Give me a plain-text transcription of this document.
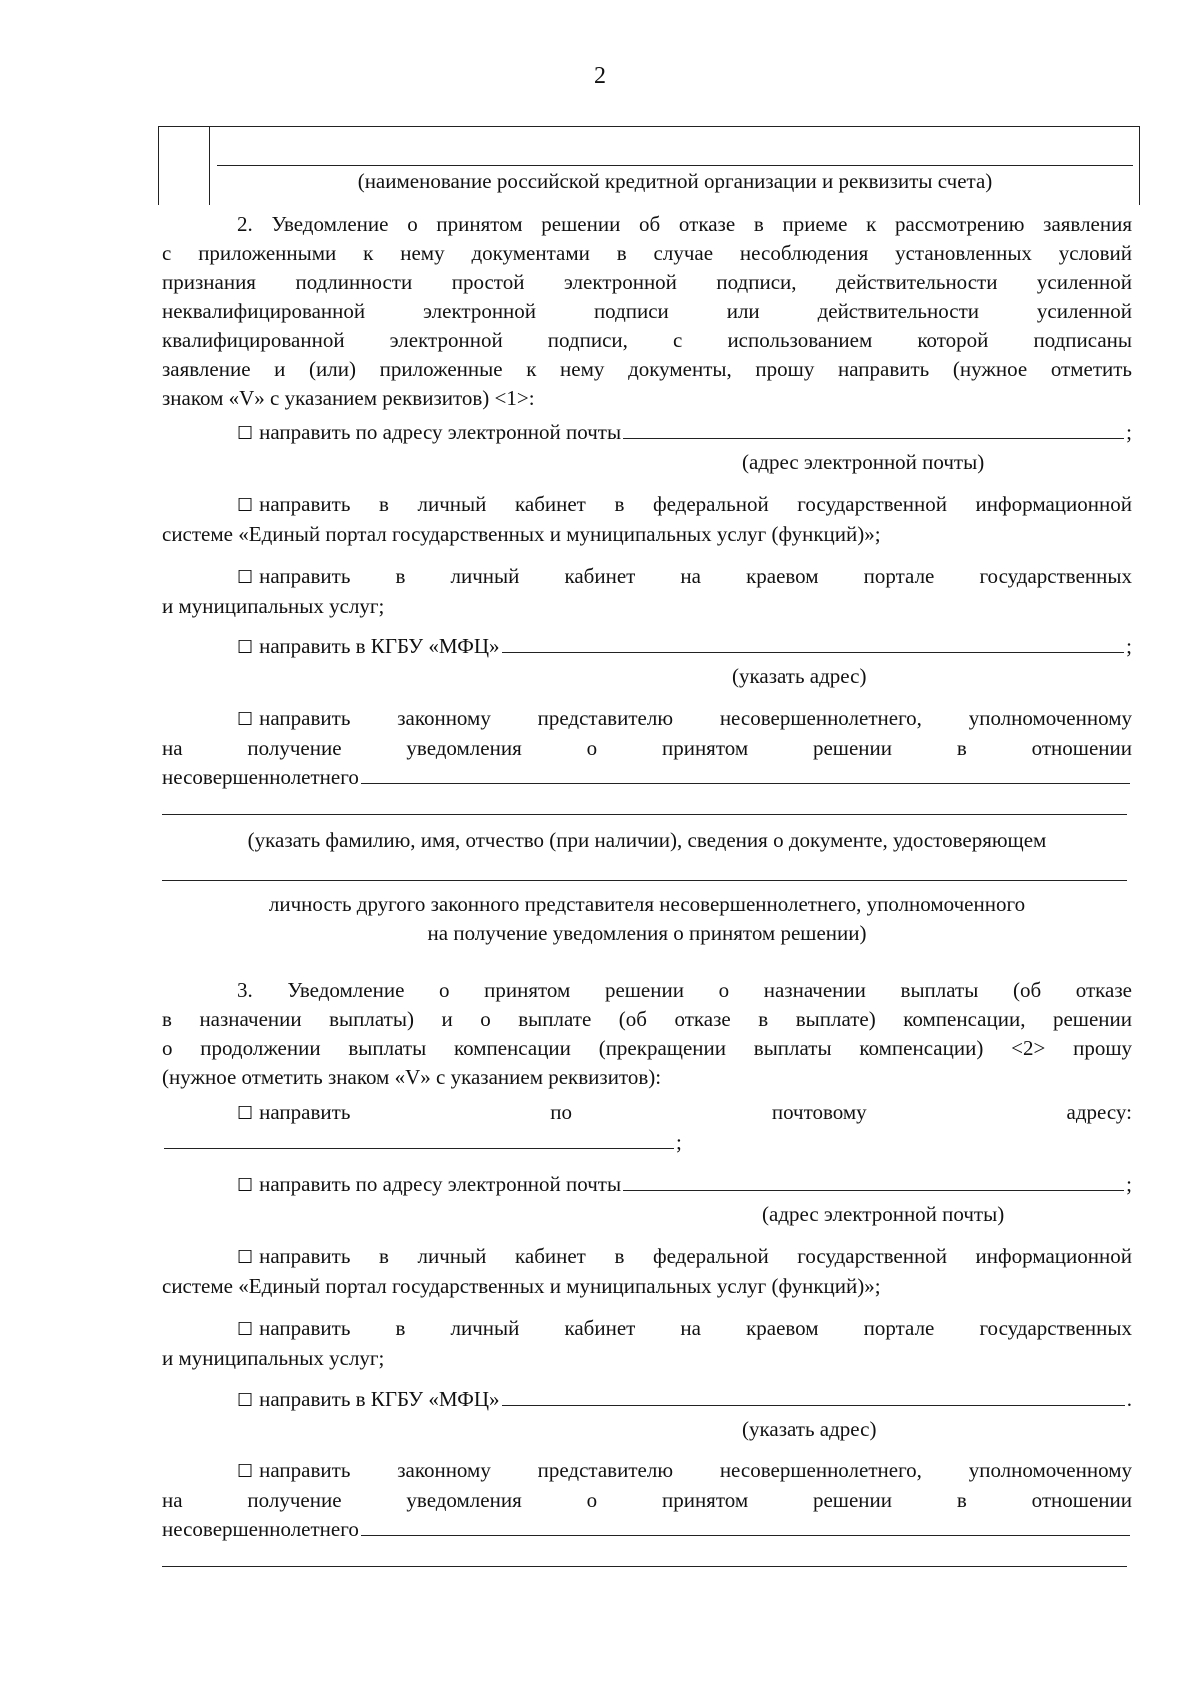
2
(наименование российской кредитной организации и реквизиты счета)
2. Уведомление о принятом решении об отказе в приеме к рассмотрению заявления
с приложенными к нему документами в случае несоблюдения установленных условий
признания подлинности простой электронной подписи, действительности усиленной
неквалифицированной электронной подписи или действительности усиленной
квалифицированной электронной подписи, с использованием которой подписаны
заявление и (или) приложенные к нему документы, прошу направить (нужное отметить
знаком «V» с указанием реквизитов) <1>:
☐ направить по адресу электронной почты	;
(адрес электронной почты)
☐ направить в личный кабинет в федеральной государственной информационной
системе «Единый портал государственных и муниципальных услуг (функций)»;
☐ направить в личный кабинет на краевом портале государственных
и муниципальных услуг;
☐ направить в КГБУ «МФЦ»	;
(указать адрес)
☐ направить законному представителю несовершеннолетнего, уполномоченному
на получение уведомления о принятом решении в отношении
несовершеннолетнего
(указать фамилию, имя, отчество (при наличии), сведения о документе, удостоверяющем
личность другого законного представителя несовершеннолетнего, уполномоченного
на получение уведомления о принятом решении)
3. Уведомление о принятом решении о назначении выплаты (об отказе
в назначении выплаты) и о выплате (об отказе в выплате) компенсации, решении
о продолжении выплаты компенсации (прекращении выплаты компенсации) <2> прошу
(нужное отметить знаком «V» с указанием реквизитов):
☐ направить по почтовому адресу:
;
☐ направить по адресу электронной почты	;
(адрес электронной почты)
☐ направить в личный кабинет в федеральной государственной информационной
системе «Единый портал государственных и муниципальных услуг (функций)»;
☐ направить в личный кабинет на краевом портале государственных
и муниципальных услуг;
☐ направить в КГБУ «МФЦ»	.
(указать адрес)
☐ направить законному представителю несовершеннолетнего, уполномоченному
на получение уведомления о принятом решении в отношении
несовершеннолетнего
